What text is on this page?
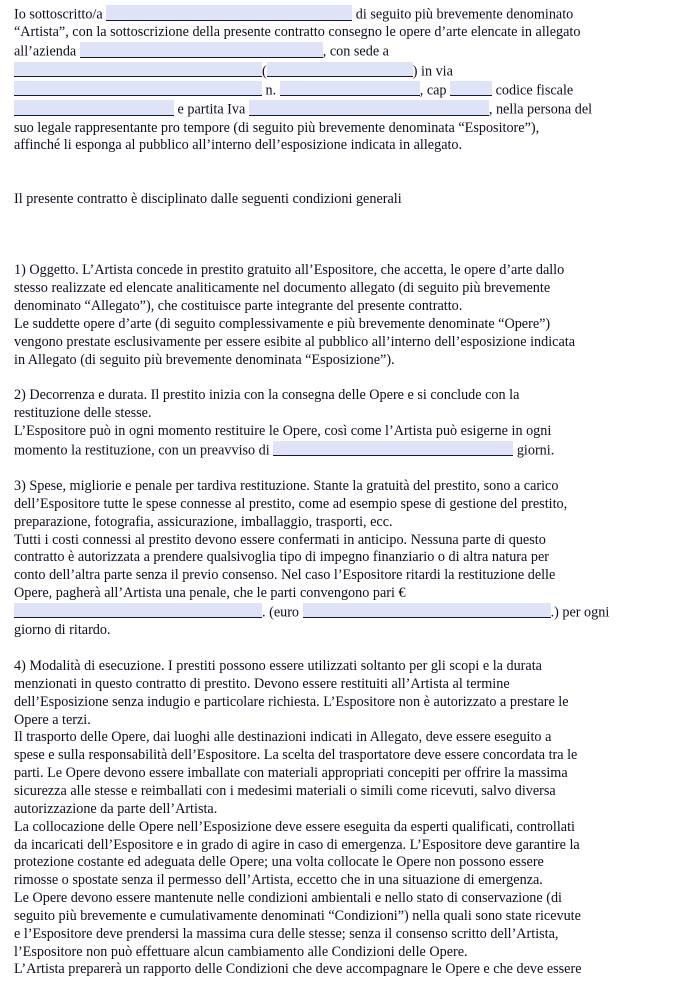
Io sottoscritto/a	di seguito più brevemente denominato

“Artista”, con la sottoscrizione della presente contratto consegno le opere d’arte elencate in allegato

all’azienda	, con sede a

(	) in via

n.	, cap	codice fiscale

e partita Iva	, nella persona del

suo legale rappresentante pro tempore (di seguito più brevemente denominata “Espositore”),

affinché li esponga al pubblico all’interno dell’esposizione indicata in allegato.

Il presente contratto è disciplinato dalle seguenti condizioni generali

1) Oggetto. L’Artista concede in prestito gratuito all’Espositore, che accetta, le opere d’arte dallo

stesso realizzate ed elencate analiticamente nel documento allegato (di seguito più brevemente

denominato “Allegato”), che costituisce parte integrante del presente contratto.

Le suddette opere d’arte (di seguito complessivamente e più brevemente denominate “Opere”)

vengono prestate esclusivamente per essere esibite al pubblico all’interno dell’esposizione indicata

in Allegato (di seguito più brevemente denominata “Esposizione”).

2) Decorrenza e durata. Il prestito inizia con la consegna delle Opere e si conclude con la

restituzione delle stesse.

L’Espositore può in ogni momento restituire le Opere, così come l’Artista può esigerne in ogni

momento la restituzione, con un preavviso di	giorni.

3) Spese, migliorie e penale per tardiva restituzione. Stante la gratuità del prestito, sono a carico

dell’Espositore tutte le spese connesse al prestito, come ad esempio spese di gestione del prestito,

preparazione, fotografia, assicurazione, imballaggio, trasporti, ecc.

Tutti i costi connessi al prestito devono essere confermati in anticipo. Nessuna parte di questo

contratto è autorizzata a prendere qualsivoglia tipo di impegno finanziario o di altra natura per

conto dell’altra parte senza il previo consenso. Nel caso l’Espositore ritardi la restituzione delle

Opere, pagherà all’Artista una penale, che le parti convengono pari €

. (euro	.) per ogni

giorno di ritardo.

4) Modalità di esecuzione. I prestiti possono essere utilizzati soltanto per gli scopi e la durata

menzionati in questo contratto di prestito. Devono essere restituiti all’Artista al termine

dell’Esposizione senza indugio e particolare richiesta. L’Espositore non è autorizzato a prestare le

Opere a terzi.

Il trasporto delle Opere, dai luoghi alle destinazioni indicati in Allegato, deve essere eseguito a

spese e sulla responsabilità dell’Espositore. La scelta del trasportatore deve essere concordata tra le

parti. Le Opere devono essere imballate con materiali appropriati concepiti per offrire la massima

sicurezza alle stesse e reimballati con i medesimi materiali o simili come ricevuti, salvo diversa

autorizzazione da parte dell’Artista.

La collocazione delle Opere nell’Esposizione deve essere eseguita da esperti qualificati, controllati

da incaricati dell’Espositore e in grado di agire in caso di emergenza. L’Espositore deve garantire la

protezione costante ed adeguata delle Opere; una volta collocate le Opere non possono essere

rimosse o spostate senza il permesso dell’Artista, eccetto che in una situazione di emergenza.

Le Opere devono essere mantenute nelle condizioni ambientali e nello stato di conservazione (di

seguito più brevemente e cumulativamente denominati “Condizioni”) nella quali sono state ricevute

e l’Espositore deve prendersi la massima cura delle stesse; senza il consenso scritto dell’Artista,

l’Espositore non può effettuare alcun cambiamento alle Condizioni delle Opere.

L’Artista preparerà un rapporto delle Condizioni che deve accompagnare le Opere e che deve essere
